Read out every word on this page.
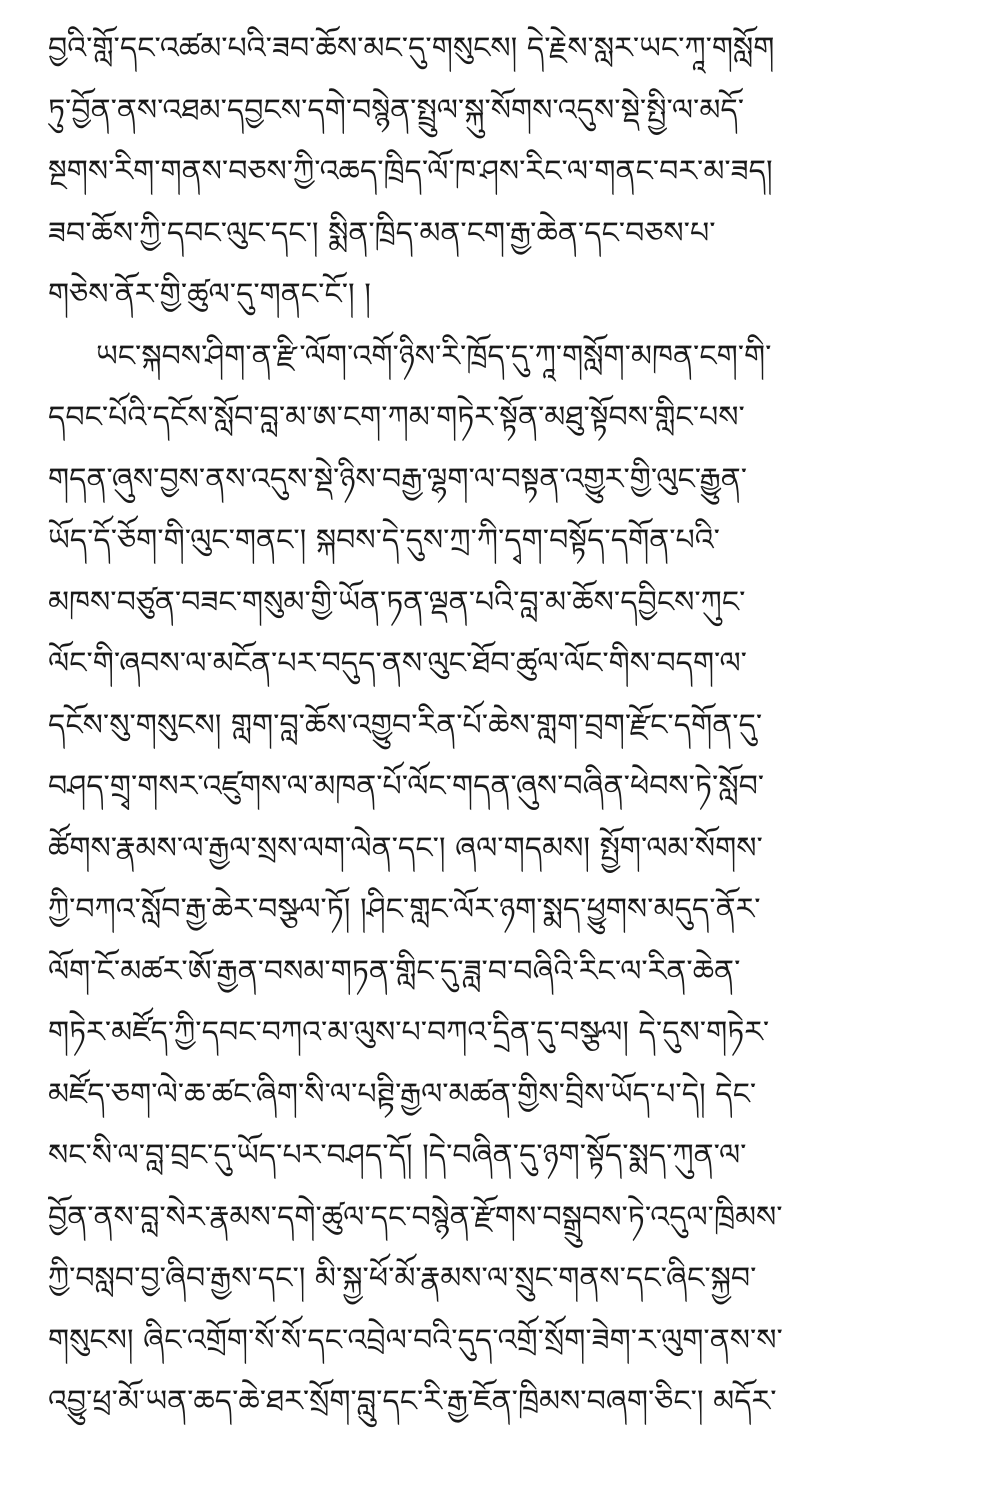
བྱའི་གློ་དང་འཚམ་པའི་ཟབ་ཆོས་མང་དུ་གསུངས། དེ་རྗེས་སླར་ཡང་ཀཱ་གསློག
ཏུ་བྱོན་ནས་འཐམ་དབྱངས་དགེ་བསྙེན་སྤྲུལ་སྐུ་སོགས་འདུས་སྡེ་སྤྱི་ལ་མདོ་
སྔགས་རིག་གནས་བཅས་ཀྱི་འཆད་ཁྲིད་ལོ་ཁ་ཤས་རིང་ལ་གནང་བར་མ་ཟད།
ཟབ་ཆོས་ཀྱི་དབང་ལུང་དང་། སྨིན་ཁྲིད་མན་ངག་རྒྱ་ཆེན་དང་བཅས་པ་
གཅེས་ནོར་གྱི་ཚུལ་དུ་གནང་ངོ་། །
ཡང་སྐབས་ཤིག་ན་རྫི་ལོག་འགོ་ཉིས་རི་ཁྲོད་དུ་ཀཱ་གསློག་མཁན་ངག་གི་
དབང་པོའི་དངོས་སློབ་བླ་མ་ཨ་ངག་ཀམ་གཏེར་སྟོན་མཐུ་སྟོབས་གླིང་པས་
གདན་ཞུས་བྱས་ནས་འདུས་སྡེ་ཉིས་བརྒྱ་ལྷག་ལ་བསྟན་འགྱུར་གྱི་ལུང་རྒྱུན་
ཡོད་དོ་ཅོག་གི་ལུང་གནང་། སྐབས་དེ་དུས་ཀྲ་ཀི་དྭག་བསྟོད་དགོན་པའི་
མཁས་བཙུན་བཟང་གསུམ་གྱི་ཡོན་ཏན་ལྡན་པའི་བླ་མ་ཆོས་དབྱིངས་ཀུང་
ལོང་གི་ཞབས་ལ་མངོན་པར་བདུད་ནས་ལུང་ཐོབ་ཚུལ་ལོང་གིས་བདག་ལ་
དངོས་སུ་གསུངས། གླག་བླ་ཆོས་འགྱུབ་རིན་པོ་ཆེས་གླག་བྲག་རྫོང་དགོན་དུ་
བཤད་གྲྭ་གསར་འཛུགས་ལ་མཁན་པོ་ལོང་གདན་ཞུས་བཞིན་ཕེབས་ཏེ་སློབ་
ཚོགས་རྣམས་ལ་རྒྱལ་སྲས་ལག་ལེན་དང་། ཞལ་གདམས། སྤྱོག་ལམ་སོགས་
ཀྱི་བཀའ་སློབ་རྒྱ་ཆེར་བསྩལ་ཏོ། །ཤིང་གླང་ལོར་ཉག་སྨད་ཕྱུགས་མདུད་ནོར་
ལོག་ངོ་མཚར་ཨོ་རྒྱན་བསམ་གཏན་གླིང་དུ་ཟླ་བ་བཞིའི་རིང་ལ་རིན་ཆེན་
གཏེར་མཛོད་ཀྱི་དབང་བཀའ་མ་ལུས་པ་བཀའ་དྲིན་དུ་བསྩལ། དེ་དུས་གཏེར་
མཛོད་ཅག་ལེ་ཆ་ཚང་ཞིག་སི་ལ་པཊྟི་རྒྱལ་མཚན་གྱིས་བྲིས་ཡོད་པ་དེ། དེང་
སང་སི་ལ་བླ་བྲང་དུ་ཡོད་པར་བཤད་དོ། །དེ་བཞིན་དུ་ཉག་སྟོད་སྨད་ཀུན་ལ་
བྱོན་ནས་བླ་སེར་རྣམས་དགེ་ཚུལ་དང་བསྙེན་རྫོགས་བསྒྲུབས་ཏེ་འདུལ་ཁྲིམས་
ཀྱི་བསླབ་བྱ་ཞིབ་རྒྱས་དང་། མི་སྐྱ་ཕོ་མོ་རྣམས་ལ་སྲུང་གནས་དང་ཞིང་སྐྱབ་
གསུངས། ཞིང་འགྲོག་སོ་སོ་དང་འབྲེལ་བའི་དུད་འགྲོ་སྲོག་ཟེག་ར་ལུག་ནས་ས་
འབྱུ་ཕྲ་མོ་ཡན་ཆད་ཆེ་ཐར་སྲོག་བླུ་དང་རི་རྒྱ་ཇོན་ཁྲིམས་བཞག་ཅིང་། མདོར་
